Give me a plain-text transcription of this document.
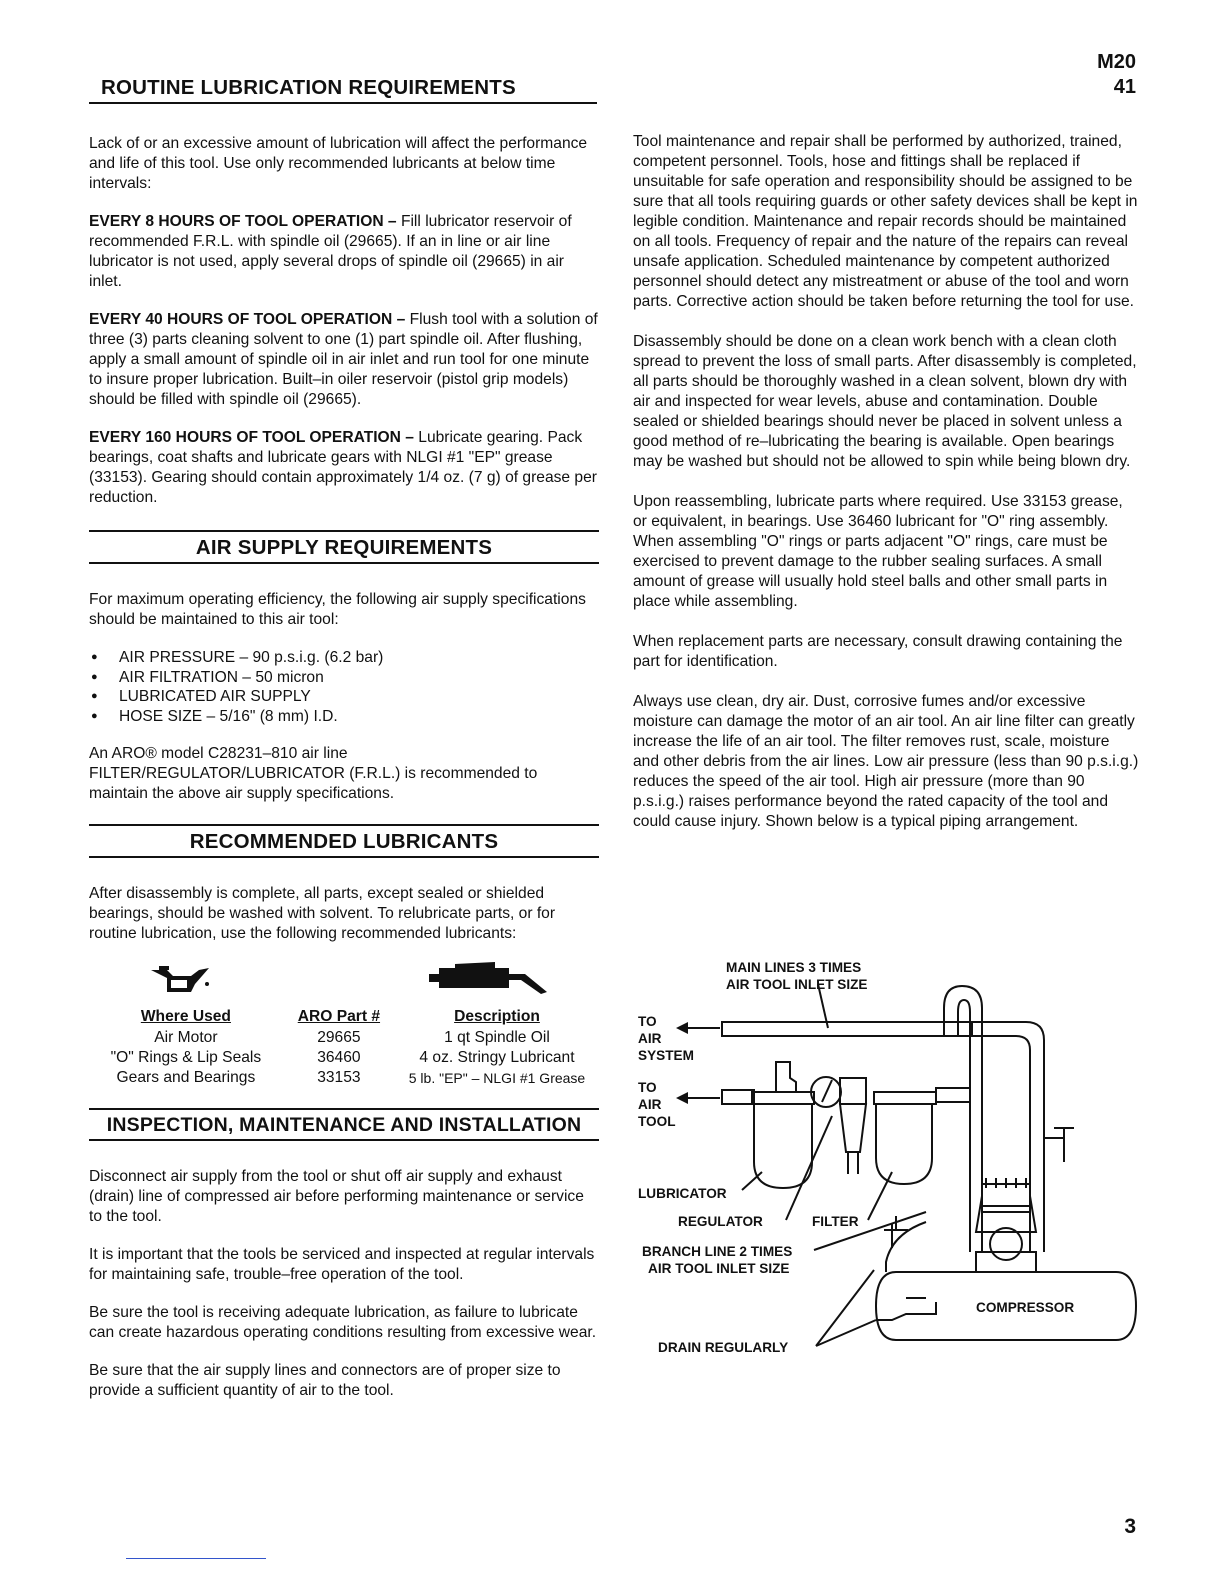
M20
41
ROUTINE LUBRICATION REQUIREMENTS

Lack of or an excessive amount of lubrication will affect the performance and life of this tool. Use only recommended lubricants at below time intervals:

EVERY 8 HOURS OF TOOL OPERATION – Fill lubricator reservoir of recommended F.R.L. with spindle oil (29665). If an in line or air line lubricator is not used, apply several drops of spindle oil (29665) in air inlet.

EVERY 40 HOURS OF TOOL OPERATION – Flush tool with a solution of three (3) parts cleaning solvent to one (1) part spindle oil. After flushing, apply a small amount of spindle oil in air inlet and run tool for one minute to insure proper lubrication. Built–in oiler reservoir (pistol grip models) should be filled with spindle oil (29665).

EVERY 160 HOURS OF TOOL OPERATION – Lubricate gearing. Pack bearings, coat shafts and lubricate gears with NLGI #1 "EP" grease (33153). Gearing should contain approximately 1/4 oz. (7 g) of grease per reduction.

AIR SUPPLY REQUIREMENTS

For maximum operating efficiency, the following air supply specifications should be maintained to this air tool:

● AIR PRESSURE – 90 p.s.i.g. (6.2 bar)
● AIR FILTRATION – 50 micron
● LUBRICATED AIR SUPPLY
● HOSE SIZE – 5/16" (8 mm) I.D.

An ARO® model C28231–810 air line FILTER/REGULATOR/LUBRICATOR (F.R.L.) is recommended to maintain the above air supply specifications.

RECOMMENDED LUBRICANTS

After disassembly is complete, all parts, except sealed or shielded bearings, should be washed with solvent. To relubricate parts, or for routine lubrication, use the following recommended lubricants:

Where Used	ARO Part #	Description
Air Motor	29665	1 qt Spindle Oil
"O" Rings & Lip Seals	36460	4 oz. Stringy Lubricant
Gears and Bearings	33153	5 lb. "EP" – NLGI #1 Grease
INSPECTION, MAINTENANCE AND INSTALLATION

Disconnect air supply from the tool or shut off air supply and exhaust (drain) line of compressed air before performing maintenance or service to the tool.

It is important that the tools be serviced and inspected at regular intervals for maintaining safe, trouble–free operation of the tool.

Be sure the tool is receiving adequate lubrication, as failure to lubricate can create hazardous operating conditions resulting from excessive wear.

Be sure that the air supply lines and connectors are of proper size to provide a sufficient quantity of air to the tool.

Tool maintenance and repair shall be performed by authorized, trained, competent personnel. Tools, hose and fittings shall be replaced if unsuitable for safe operation and responsibility should be assigned to be sure that all tools requiring guards or other safety devices shall be kept in legible condition. Maintenance and repair records should be maintained on all tools. Frequency of repair and the nature of the repairs can reveal unsafe application. Scheduled maintenance by competent authorized personnel should detect any mistreatment or abuse of the tool and worn parts. Corrective action should be taken before returning the tool for use.

Disassembly should be done on a clean work bench with a clean cloth spread to prevent the loss of small parts. After disassembly is completed, all parts should be thoroughly washed in a clean solvent, blown dry with air and inspected for wear levels, abuse and contamination. Double sealed or shielded bearings should never be placed in solvent unless a good method of re–lubricating the bearing is available. Open bearings may be washed but should not be allowed to spin while being blown dry.

Upon reassembling, lubricate parts where required. Use 33153 grease, or equivalent, in bearings. Use 36460 lubricant for "O" ring assembly. When assembling "O" rings or parts adjacent "O" rings, care must be exercised to prevent damage to the rubber sealing surfaces. A small amount of grease will usually hold steel balls and other small parts in place while assembling.

When replacement parts are necessary, consult drawing containing the part for identification.

Always use clean, dry air. Dust, corrosive fumes and/or excessive moisture can damage the motor of an air tool. An air line filter can greatly increase the life of an air tool. The filter removes rust, scale, moisture and other debris from the air lines. Low air pressure (less than 90 p.s.i.g.) reduces the speed of the air tool. High air pressure (more than 90 p.s.i.g.) raises performance beyond the rated capacity of the tool and could cause injury. Shown below is a typical piping arrangement.

MAIN LINES 3 TIMES
AIR TOOL INLET SIZE
TO
AIR
SYSTEM
TO
AIR
TOOL
LUBRICATOR
REGULATOR	FILTER
BRANCH LINE 2 TIMES
AIR TOOL INLET SIZE
COMPRESSOR
DRAIN REGULARLY
3
